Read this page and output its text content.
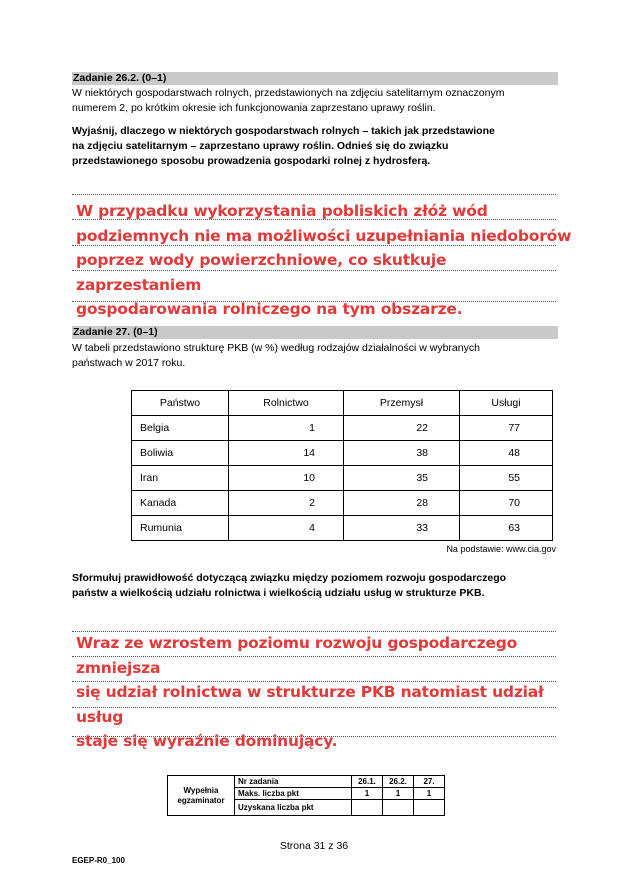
Zadanie 26.2. (0–1)
W niektórych gospodarstwach rolnych, przedstawionych na zdjęciu satelitarnym oznaczonym
numerem 2, po krótkim okresie ich funkcjonowania zaprzestano uprawy roślin.
Wyjaśnij, dlaczego w niektórych gospodarstwach rolnych – takich jak przedstawione
na zdjęciu satelitarnym – zaprzestano uprawy roślin. Odnieś się do związku
przedstawionego sposobu prowadzenia gospodarki rolnej z hydrosferą.
W przypadku wykorzystania pobliskich złóż wód
podziemnych nie ma możliwości uzupełniania niedoborów
poprzez wody powierzchniowe, co skutkuje zaprzestaniem
gospodarowania rolniczego na tym obszarze.
Zadanie 27. (0–1)
W tabeli przedstawiono strukturę PKB (w %) według rodzajów działalności w wybranych
państwach w 2017 roku.
Państwo	Rolnictwo	Przemysł	Usługi
Belgia	1	22	77
Boliwia	14	38	48
Iran	10	35	55
Kanada	2	28	70
Rumunia	4	33	63
Na podstawie: www.cia.gov
Sformułuj prawidłowość dotyczącą związku między poziomem rozwoju gospodarczego
państw a wielkością udziału rolnictwa i wielkością udziału usług w strukturze PKB.
Wraz ze wzrostem poziomu rozwoju gospodarczego zmniejsza
się udział rolnictwa w strukturze PKB natomiast udział usług
staje się wyraźnie dominujący.
Wypełnia
egzaminator	Nr zadania	26.1.	26.2.	27.
	Maks. liczba pkt	1	1	1
	Uzyskana liczba pkt			
Strona 31 z 36
EGEP-R0_100
